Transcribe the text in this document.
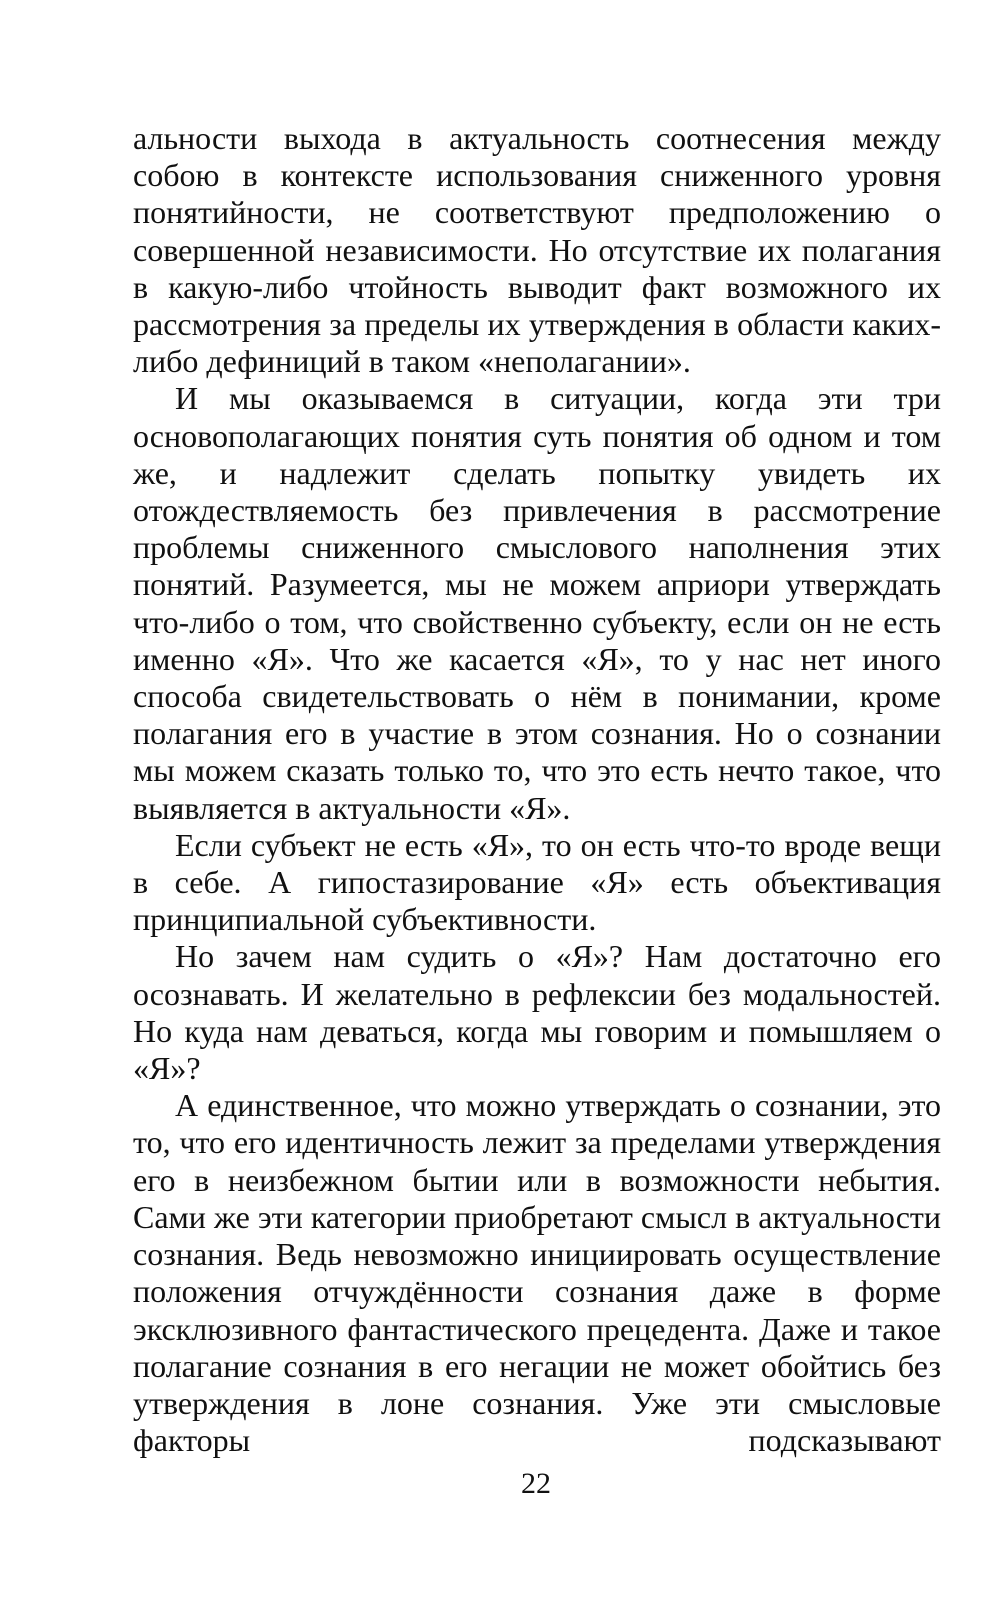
альности выхода в актуальность соотнесения между собою в контексте использования сниженного уровня понятийности, не соответствуют предположению о совершенной независимости. Но отсутствие их полагания в какую-либо чтойность выводит факт возможного их рассмотрения за пределы их утверждения в области каких-либо дефиниций в таком «неполагании».

И мы оказываемся в ситуации, когда эти три основополагающих понятия суть понятия об одном и том же, и надлежит сделать попытку увидеть их отождествляемость без привлечения в рассмотрение проблемы сниженного смыслового наполнения этих понятий. Разумеется, мы не можем априори утверждать что-либо о том, что свойственно субъекту, если он не есть именно «Я». Что же касается «Я», то у нас нет иного способа свидетельствовать о нём в понимании, кроме полагания его в участие в этом сознания. Но о сознании мы можем сказать только то, что это есть нечто такое, что выявляется в актуальности «Я».

Если субъект не есть «Я», то он есть что-то вроде вещи в себе. А гипостазирование «Я» есть объективация принципиальной субъективности.

Но зачем нам судить о «Я»? Нам достаточно его осознавать. И желательно в рефлексии без модальностей. Но куда нам деваться, когда мы говорим и помышляем о «Я»?

А единственное, что можно утверждать о сознании, это то, что его идентичность лежит за пределами утверждения его в неизбежном бытии или в возможности небытия. Сами же эти категории приобретают смысл в актуальности сознания. Ведь невозможно инициировать осуществление положения отчуждённости сознания даже в форме эксклюзивного фантастического прецедента. Даже и такое полагание сознания в его негации не может обойтись без утверждения в лоне сознания. Уже эти смысловые факторы подсказывают

22
